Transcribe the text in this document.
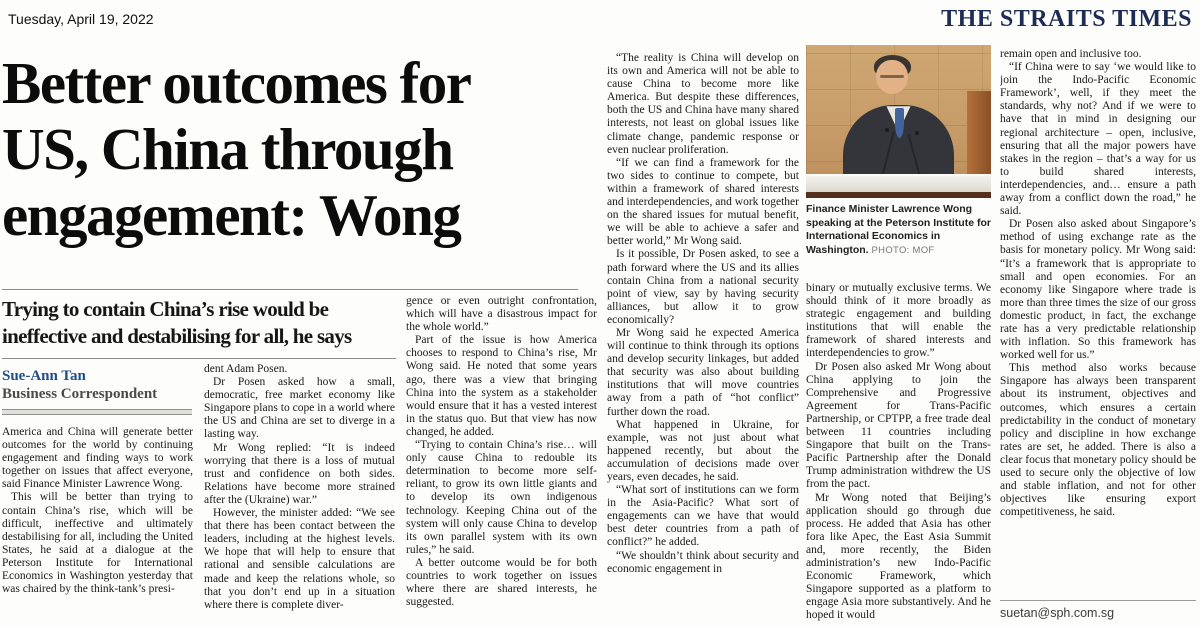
Tuesday, April 19, 2022	THE STRAITS TIMES
Better outcomes for
US, China through
engagement: Wong
Trying to contain China’s rise would be
ineffective and destabilising for all, he says
Sue-Ann Tan
Business Correspondent

America and China will generate better outcomes for the world by continuing engagement and finding ways to work together on issues that affect everyone, said Finance Minister Lawrence Wong.

This will be better than trying to contain China’s rise, which will be difficult, ineffective and ultimately destabilising for all, including the United States, he said at a dialogue at the Peterson Institute for International Economics in Washington yesterday that was chaired by the think-tank’s presi-

dent Adam Posen.

Dr Posen asked how a small, democratic, free market economy like Singapore plans to cope in a world where the US and China are set to diverge in a lasting way.

Mr Wong replied: “It is indeed worrying that there is a loss of mutual trust and confidence on both sides. Relations have become more strained after the (Ukraine) war.”

However, the minister added: “We see that there has been contact between the leaders, including at the highest levels. We hope that will help to ensure that rational and sensible calculations are made and keep the relations whole, so that you don’t end up in a situation where there is complete diver-

gence or even outright confrontation, which will have a disastrous impact for the whole world.”

Part of the issue is how America chooses to respond to China’s rise, Mr Wong said. He noted that some years ago, there was a view that bringing China into the system as a stakeholder would ensure that it has a vested interest in the status quo. But that view has now changed, he added.

“Trying to contain China’s rise… will only cause China to redouble its determination to become more self-reliant, to grow its own little giants and to develop its own indigenous technology. Keeping China out of the system will only cause China to develop its own parallel system with its own rules,” he said.

A better outcome would be for both countries to work together on issues where there are shared interests, he suggested.

“The reality is China will develop on its own and America will not be able to cause China to become more like America. But despite these differences, both the US and China have many shared interests, not least on global issues like climate change, pandemic response or even nuclear proliferation.

“If we can find a framework for the two sides to continue to compete, but within a framework of shared interests and interdependencies, and work together on the shared issues for mutual benefit, we will be able to achieve a safer and better world,” Mr Wong said.

Is it possible, Dr Posen asked, to see a path forward where the US and its allies contain China from a national security point of view, say by having security alliances, but allow it to grow economically?

Mr Wong said he expected America will continue to think through its options and develop security linkages, but added that security was also about building institutions that will move countries away from a path of “hot conflict” further down the road.

What happened in Ukraine, for example, was not just about what happened recently, but about the accumulation of decisions made over years, even decades, he said.

“What sort of institutions can we form in the Asia-Pacific? What sort of engagements can we have that would best deter countries from a path of conflict?” he added.

“We shouldn’t think about security and economic engagement in

Finance Minister Lawrence Wong speaking at the Peterson Institute for International Economics in Washington. PHOTO: MOF

binary or mutually exclusive terms. We should think of it more broadly as strategic engagement and building institutions that will enable the framework of shared interests and interdependencies to grow.”

Dr Posen also asked Mr Wong about China applying to join the Comprehensive and Progressive Agreement for Trans-Pacific Partnership, or CPTPP, a free trade deal between 11 countries including Singapore that built on the Trans-Pacific Partnership after the Donald Trump administration withdrew the US from the pact.

Mr Wong noted that Beijing’s application should go through due process. He added that Asia has other fora like Apec, the East Asia Summit and, more recently, the Biden administration’s new Indo-Pacific Economic Framework, which Singapore supported as a platform to engage Asia more substantively. And he hoped it would

remain open and inclusive too.

“If China were to say ‘we would like to join the Indo-Pacific Economic Framework’, well, if they meet the standards, why not? And if we were to have that in mind in designing our regional architecture – open, inclusive, ensuring that all the major powers have stakes in the region – that’s a way for us to build shared interests, interdependencies, and… ensure a path away from a conflict down the road,” he said.

Dr Posen also asked about Singapore’s method of using exchange rate as the basis for monetary policy. Mr Wong said: “It’s a framework that is appropriate to small and open economies. For an economy like Singapore where trade is more than three times the size of our gross domestic product, in fact, the exchange rate has a very predictable relationship with inflation. So this framework has worked well for us.”

This method also works because Singapore has always been transparent about its instrument, objectives and outcomes, which ensures a certain predictability in the conduct of monetary policy and discipline in how exchange rates are set, he added. There is also a clear focus that monetary policy should be used to secure only the objective of low and stable inflation, and not for other objectives like ensuring export competitiveness, he said.

suetan@sph.com.sg
